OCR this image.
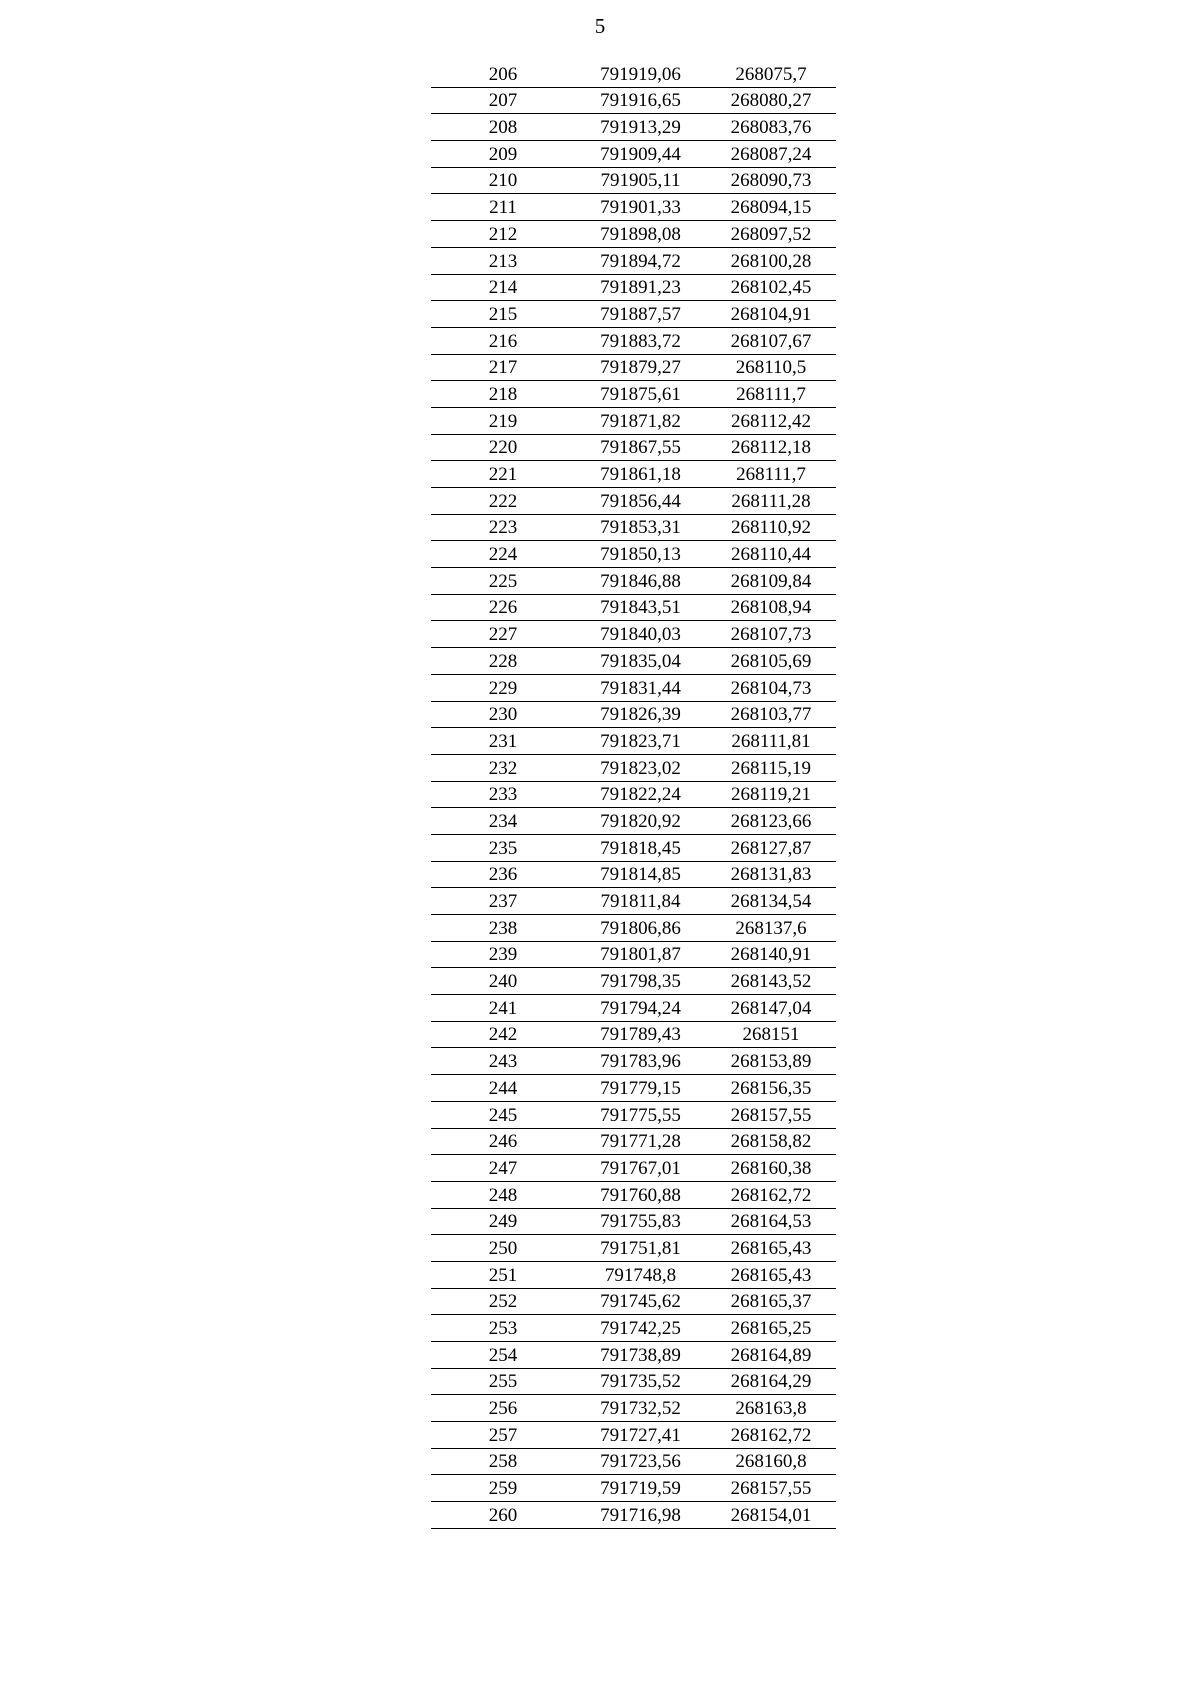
5
206	791919,06	268075,7
207	791916,65	268080,27
208	791913,29	268083,76
209	791909,44	268087,24
210	791905,11	268090,73
211	791901,33	268094,15
212	791898,08	268097,52
213	791894,72	268100,28
214	791891,23	268102,45
215	791887,57	268104,91
216	791883,72	268107,67
217	791879,27	268110,5
218	791875,61	268111,7
219	791871,82	268112,42
220	791867,55	268112,18
221	791861,18	268111,7
222	791856,44	268111,28
223	791853,31	268110,92
224	791850,13	268110,44
225	791846,88	268109,84
226	791843,51	268108,94
227	791840,03	268107,73
228	791835,04	268105,69
229	791831,44	268104,73
230	791826,39	268103,77
231	791823,71	268111,81
232	791823,02	268115,19
233	791822,24	268119,21
234	791820,92	268123,66
235	791818,45	268127,87
236	791814,85	268131,83
237	791811,84	268134,54
238	791806,86	268137,6
239	791801,87	268140,91
240	791798,35	268143,52
241	791794,24	268147,04
242	791789,43	268151
243	791783,96	268153,89
244	791779,15	268156,35
245	791775,55	268157,55
246	791771,28	268158,82
247	791767,01	268160,38
248	791760,88	268162,72
249	791755,83	268164,53
250	791751,81	268165,43
251	791748,8	268165,43
252	791745,62	268165,37
253	791742,25	268165,25
254	791738,89	268164,89
255	791735,52	268164,29
256	791732,52	268163,8
257	791727,41	268162,72
258	791723,56	268160,8
259	791719,59	268157,55
260	791716,98	268154,01
